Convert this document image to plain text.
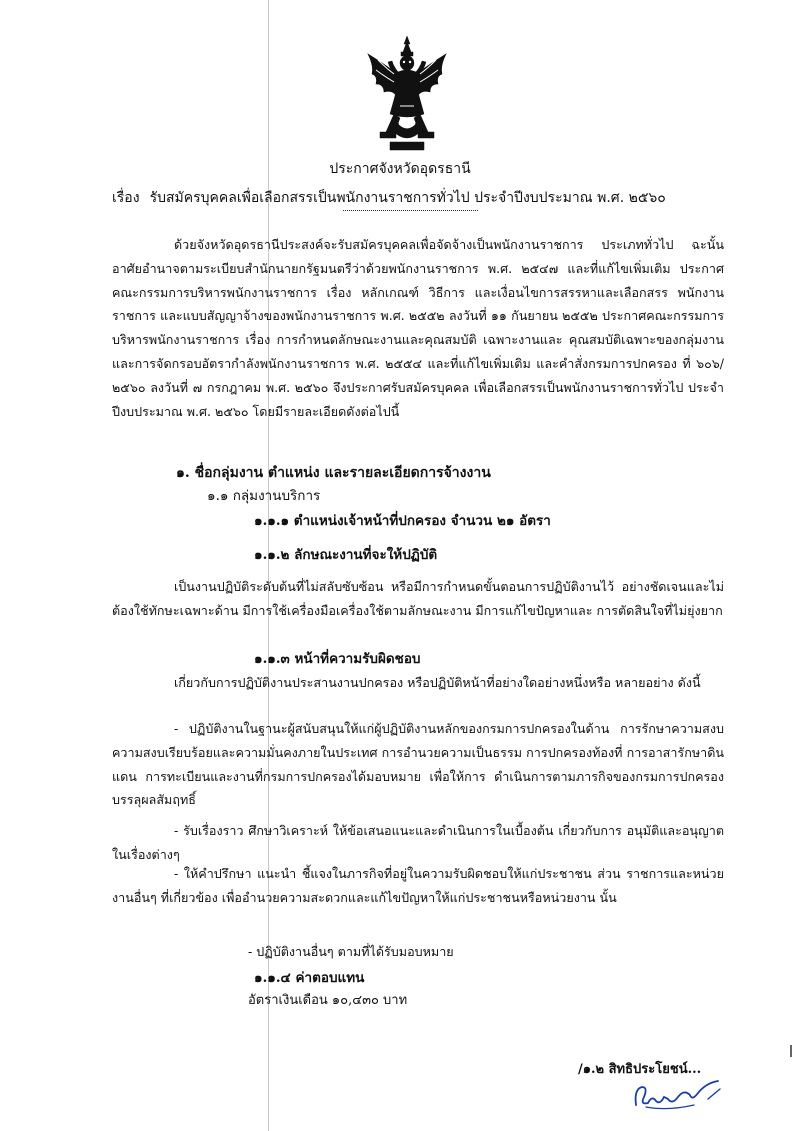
ประกาศจังหวัดอุดรธานี

เรื่อง รับสมัครบุคคลเพื่อเลือกสรรเป็นพนักงานราชการทั่วไป ประจำปีงบประมาณ พ.ศ. ๒๕๖๐

ด้วยจังหวัดอุดรธานีประสงค์จะรับสมัครบุคคลเพื่อจัดจ้างเป็นพนักงานราชการ ประเภททั่วไป ฉะนั้น อาศัยอำนาจตามระเบียบสำนักนายกรัฐมนตรีว่าด้วยพนักงานราชการ พ.ศ. ๒๕๔๗ และที่แก้ไขเพิ่มเติม ประกาศคณะกรรมการบริหารพนักงานราชการ เรื่อง หลักเกณฑ์ วิธีการ และเงื่อนไขการสรรหาและเลือกสรร พนักงานราชการ และแบบสัญญาจ้างของพนักงานราชการ พ.ศ. ๒๕๕๒ ลงวันที่ ๑๑ กันยายน ๒๕๕๒ ประกาศคณะกรรมการบริหารพนักงานราชการ เรื่อง การกำหนดลักษณะงานและคุณสมบัติ เฉพาะงานและ คุณสมบัติเฉพาะของกลุ่มงาน และการจัดกรอบอัตรากำลังพนักงานราชการ พ.ศ. ๒๕๕๔ และที่แก้ไขเพิ่มเติม และคำสั่งกรมการปกครอง ที่ ๖๐๖/ ๒๕๖๐ ลงวันที่ ๗ กรกฎาคม พ.ศ. ๒๕๖๐ จึงประกาศรับสมัครบุคคล เพื่อเลือกสรรเป็นพนักงานราชการทั่วไป ประจำปีงบประมาณ พ.ศ. ๒๕๖๐ โดยมีรายละเอียดดังต่อไปนี้

๑. ชื่อกลุ่มงาน ตำแหน่ง และรายละเอียดการจ้างงาน
๑.๑ กลุ่มงานบริการ
๑.๑.๑ ตำแหน่งเจ้าหน้าที่ปกครอง จำนวน ๒๑ อัตรา
๑.๑.๒ ลักษณะงานที่จะให้ปฏิบัติ

เป็นงานปฏิบัติระดับต้นที่ไม่สลับซับซ้อน หรือมีการกำหนดขั้นตอนการปฏิบัติงานไว้ อย่างชัดเจนและไม่ต้องใช้ทักษะเฉพาะด้าน มีการใช้เครื่องมือเครื่องใช้ตามลักษณะงาน มีการแก้ไขปัญหาและ การตัดสินใจที่ไม่ยุ่งยาก

๑.๑.๓ หน้าที่ความรับผิดชอบ

เกี่ยวกับการปฏิบัติงานประสานงานปกครอง หรือปฏิบัติหน้าที่อย่างใดอย่างหนึ่งหรือ หลายอย่าง ดังนี้

- ปฏิบัติงานในฐานะผู้สนับสนุนให้แก่ผู้ปฏิบัติงานหลักของกรมการปกครองในด้าน การรักษาความสงบความสงบเรียบร้อยและความมั่นคงภายในประเทศ การอำนวยความเป็นธรรม การปกครองท้องที่ การอาสารักษาดินแดน การทะเบียนและงานที่กรมการปกครองได้มอบหมาย เพื่อให้การ ดำเนินการตามภารกิจของกรมการปกครองบรรลุผลสัมฤทธิ์

- รับเรื่องราว ศึกษาวิเคราะห์ ให้ข้อเสนอแนะและดำเนินการในเบื้องต้น เกี่ยวกับการ อนุมัติและอนุญาตในเรื่องต่างๆ

- ให้คำปรึกษา แนะนำ ชี้แจงในภารกิจที่อยู่ในความรับผิดชอบให้แก่ประชาชน ส่วน ราชการและหน่วยงานอื่นๆ ที่เกี่ยวข้อง เพื่ออำนวยความสะดวกและแก้ไขปัญหาให้แก่ประชาชนหรือหน่วยงาน นั้น

- ปฏิบัติงานอื่นๆ ตามที่ได้รับมอบหมาย
๑.๑.๔ ค่าตอบแทน
อัตราเงินเดือน ๑๐,๔๓๐ บาท
/๑.๒ สิทธิประโยชน์...
